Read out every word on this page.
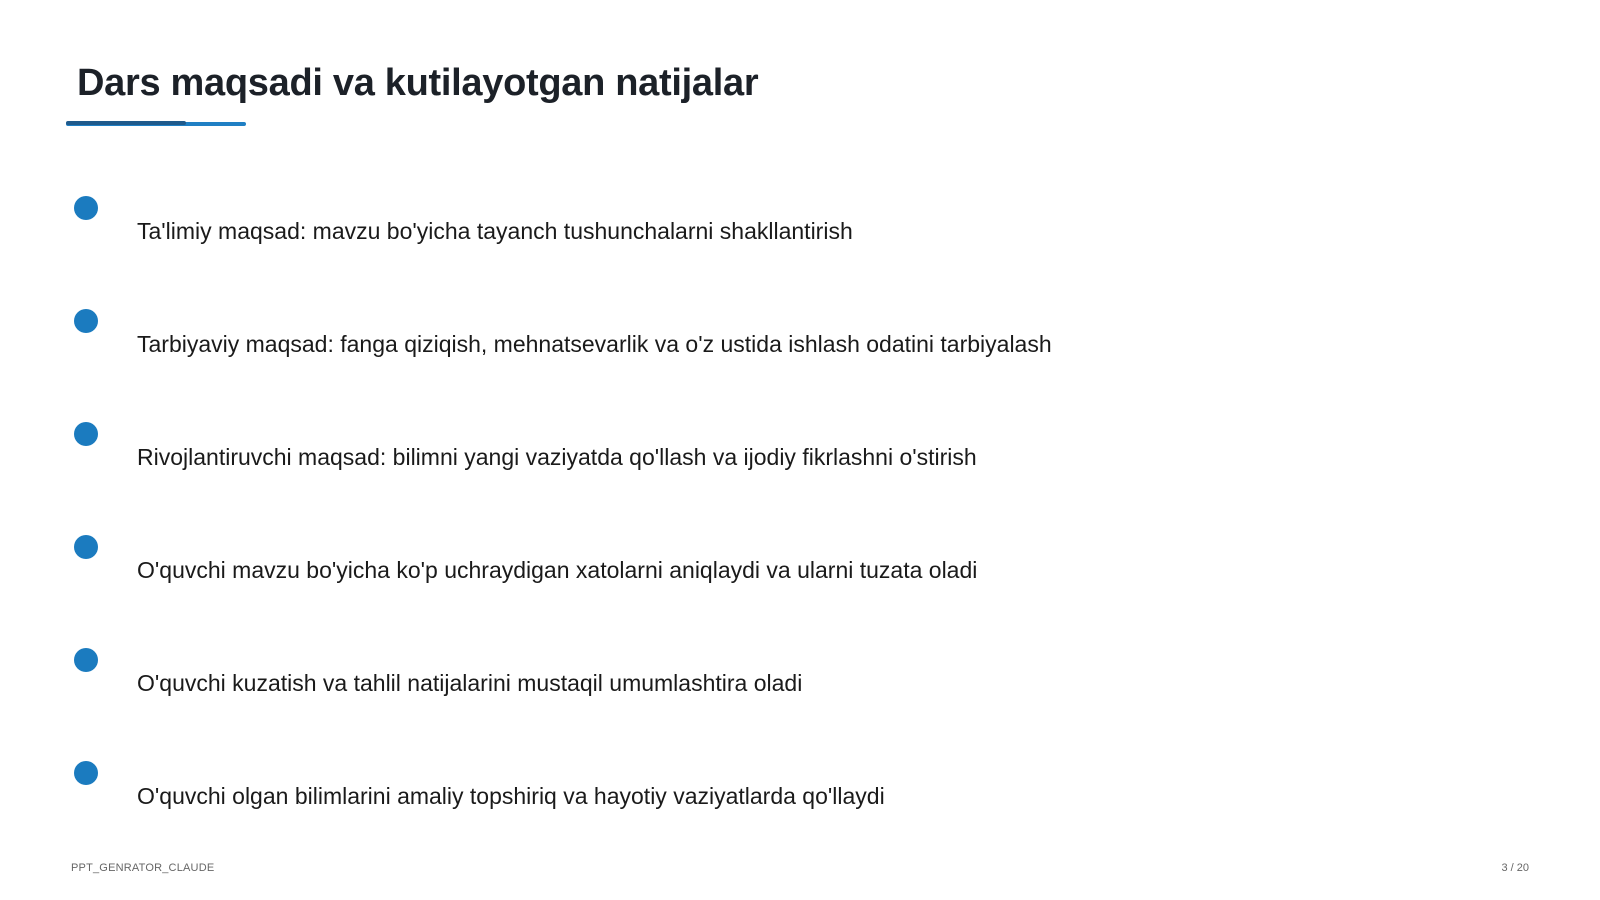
Dars maqsadi va kutilayotgan natijalar
Ta'limiy maqsad: mavzu bo'yicha tayanch tushunchalarni shakllantirish
Tarbiyaviy maqsad: fanga qiziqish, mehnatsevarlik va o'z ustida ishlash odatini tarbiyalash
Rivojlantiruvchi maqsad: bilimni yangi vaziyatda qo'llash va ijodiy fikrlashni o'stirish
O'quvchi mavzu bo'yicha ko'p uchraydigan xatolarni aniqlaydi va ularni tuzata oladi
O'quvchi kuzatish va tahlil natijalarini mustaqil umumlashtira oladi
O'quvchi olgan bilimlarini amaliy topshiriq va hayotiy vaziyatlarda qo'llaydi
PPT_GENRATOR_CLAUDE	3 / 20
